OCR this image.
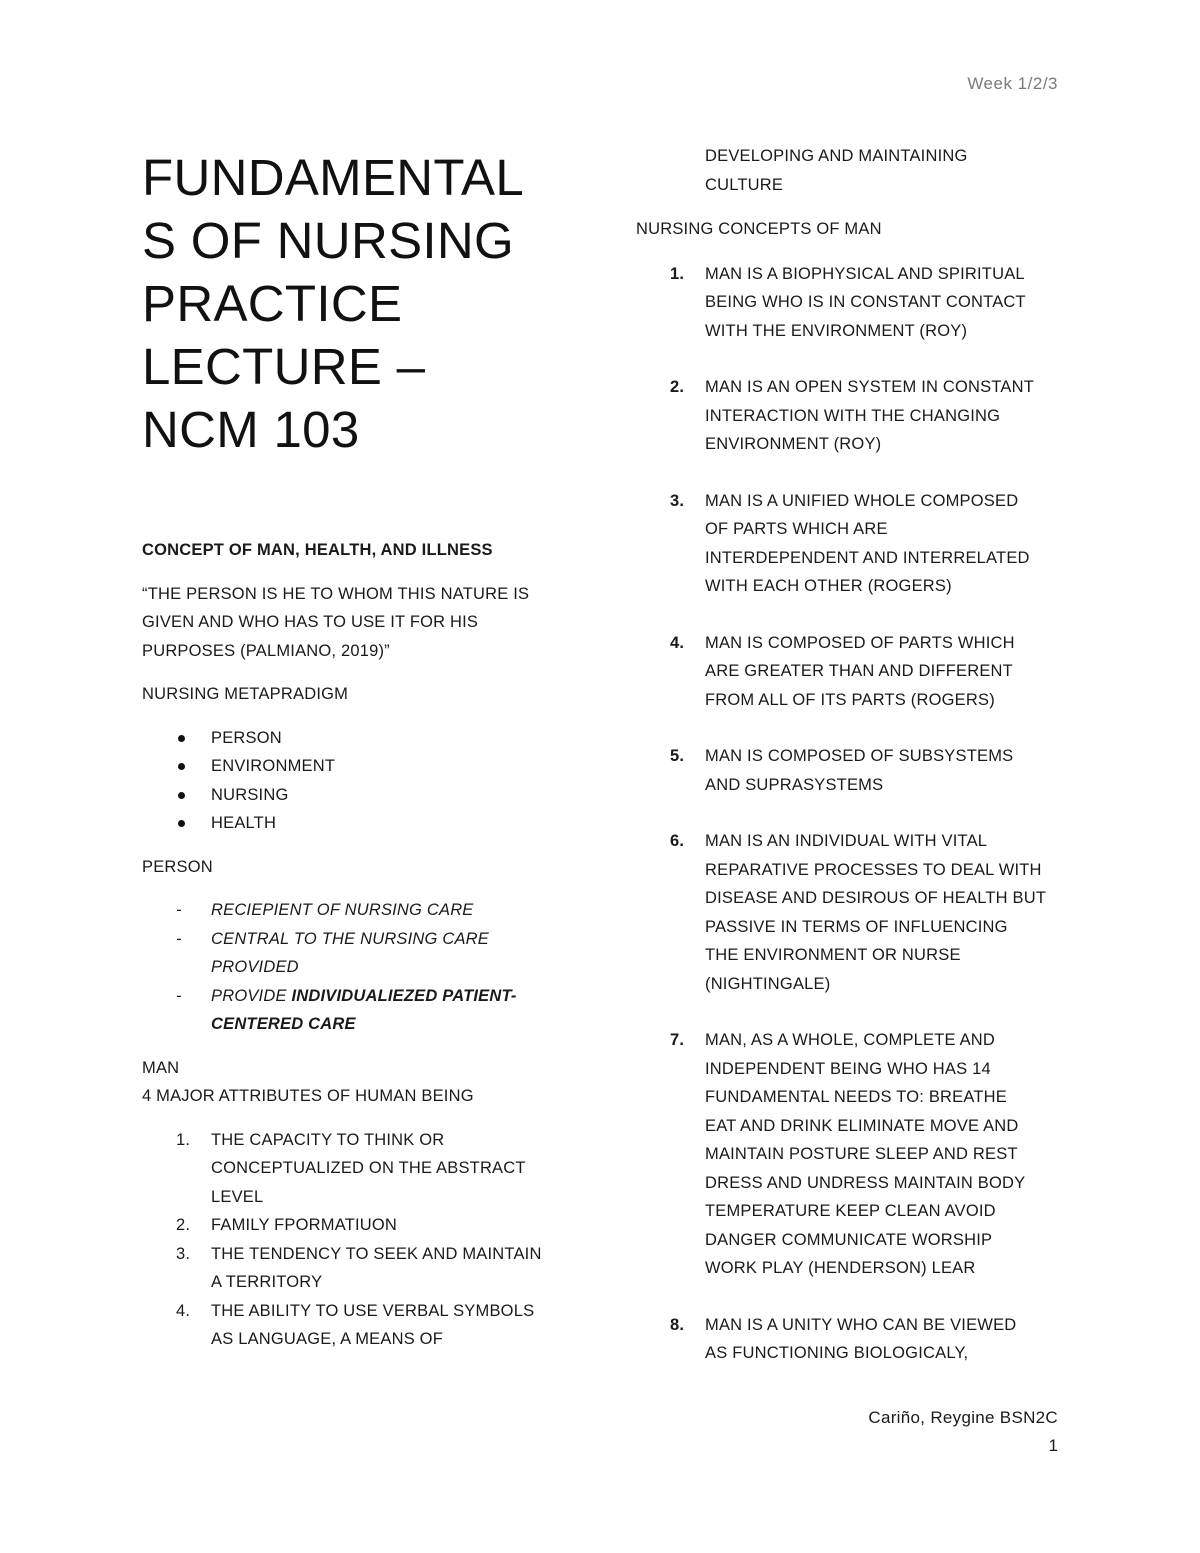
Week 1/2/3
FUNDAMENTAL
S OF NURSING
PRACTICE
LECTURE –
NCM 103

CONCEPT OF MAN, HEALTH, AND ILLNESS

“THE PERSON IS HE TO WHOM THIS NATURE IS

GIVEN AND WHO HAS TO USE IT FOR HIS

PURPOSES (PALMIANO, 2019)”

NURSING METAPRADIGM

PERSON
ENVIRONMENT
NURSING
HEALTH

PERSON

- RECIEPIENT OF NURSING CARE
- CENTRAL TO THE NURSING CARE
PROVIDED
- PROVIDE INDIVIDUALIEZED PATIENT-
CENTERED CARE

MAN

4 MAJOR ATTRIBUTES OF HUMAN BEING

1. THE CAPACITY TO THINK OR
CONCEPTUALIZED ON THE ABSTRACT
LEVEL
2. FAMILY FPORMATIUON
3. THE TENDENCY TO SEEK AND MAINTAIN
A TERRITORY
4. THE ABILITY TO USE VERBAL SYMBOLS
AS LANGUAGE, A MEANS OF
DEVELOPING AND MAINTAINING
CULTURE

NURSING CONCEPTS OF MAN

1. MAN IS A BIOPHYSICAL AND SPIRITUAL
BEING WHO IS IN CONSTANT CONTACT
WITH THE ENVIRONMENT (ROY)
2. MAN IS AN OPEN SYSTEM IN CONSTANT
INTERACTION WITH THE CHANGING
ENVIRONMENT (ROY)
3. MAN IS A UNIFIED WHOLE COMPOSED
OF PARTS WHICH ARE
INTERDEPENDENT AND INTERRELATED
WITH EACH OTHER (ROGERS)
4. MAN IS COMPOSED OF PARTS WHICH
ARE GREATER THAN AND DIFFERENT
FROM ALL OF ITS PARTS (ROGERS)
5. MAN IS COMPOSED OF SUBSYSTEMS
AND SUPRASYSTEMS
6. MAN IS AN INDIVIDUAL WITH VITAL
REPARATIVE PROCESSES TO DEAL WITH
DISEASE AND DESIROUS OF HEALTH BUT
PASSIVE IN TERMS OF INFLUENCING
THE ENVIRONMENT OR NURSE
(NIGHTINGALE)
7. MAN, AS A WHOLE, COMPLETE AND
INDEPENDENT BEING WHO HAS 14
FUNDAMENTAL NEEDS TO: BREATHE
EAT AND DRINK ELIMINATE MOVE AND
MAINTAIN POSTURE SLEEP AND REST
DRESS AND UNDRESS MAINTAIN BODY
TEMPERATURE KEEP CLEAN AVOID
DANGER COMMUNICATE WORSHIP
WORK PLAY (HENDERSON) LEAR
8. MAN IS A UNITY WHO CAN BE VIEWED
AS FUNCTIONING BIOLOGICALY,
Cariño, Reygine BSN2C
1
